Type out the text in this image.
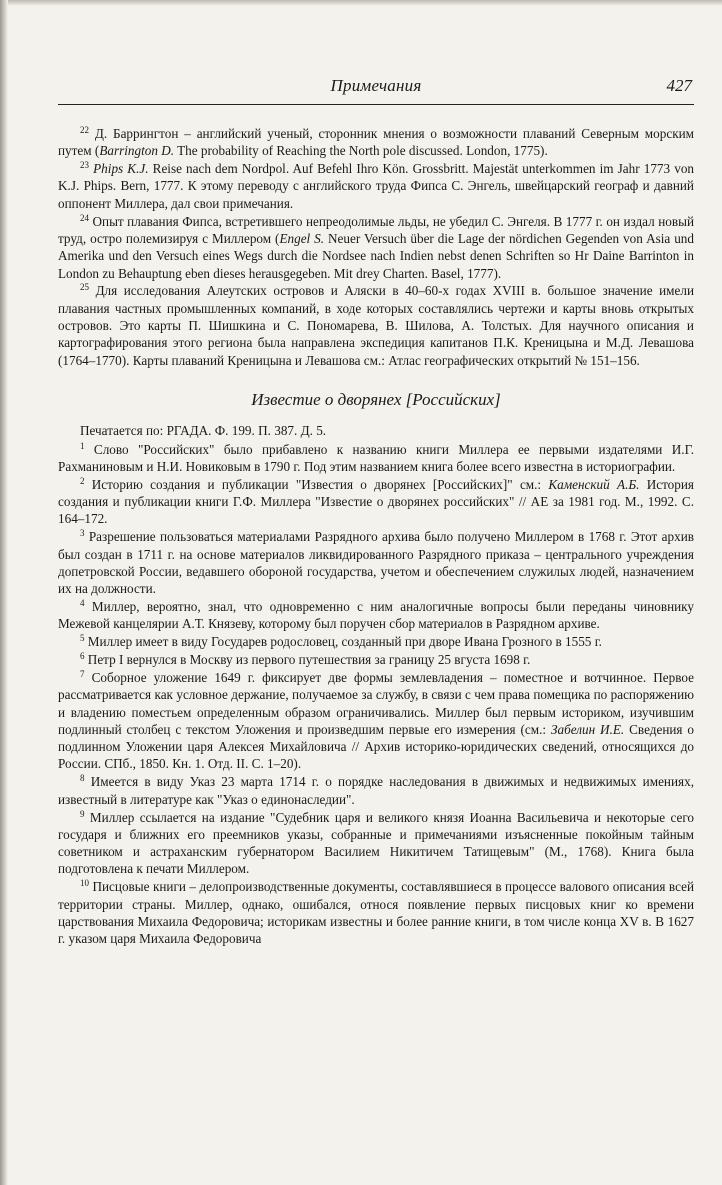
Примечания	427

$^{22}$ Д. Баррингтон – английский ученый, сторонник мнения о возможности плаваний Северным морским путем (Barrington D. The probability of Reaching the North pole discussed. London, 1775).

$^{23}$ Phips K.J. Reise nach dem Nordpol. Auf Befehl Ihro Kön. Grossbritt. Majestät unterkommen im Jahr 1773 von K.J. Phips. Bern, 1777. К этому переводу с английского труда Фипса С. Энгель, швейцарский географ и давний оппонент Миллера, дал свои примечания.

$^{24}$ Опыт плавания Фипса, встретившего непреодолимые льды, не убедил С. Энгеля. В 1777 г. он издал новый труд, остро полемизируя с Миллером (Engel S. Neuer Versuch über die Lage der nördichen Gegenden von Asia und Amerika und den Versuch eines Wegs durch die Nordsee nach Indien nebst denen Schriften so Hr Daine Barrinton in London zu Behauptung eben dieses herausgegeben. Mit drey Charten. Basel, 1777).

$^{25}$ Для исследования Алеутских островов и Аляски в 40–60-х годах XVIII в. большое значение имели плавания частных промышленных компаний, в ходе которых составлялись чертежи и карты вновь открытых островов. Это карты П. Шишкина и С. Пономарева, В. Шилова, А. Толстых. Для научного описания и картографирования этого региона была направлена экспедиция капитанов П.К. Креницына и М.Д. Левашова (1764–1770). Карты плаваний Креницына и Левашова см.: Атлас географических открытий № 151–156.

Известие о дворянех [Российских]

Печатается по: РГАДА. Ф. 199. П. 387. Д. 5.

$^1$ Слово "Российских" было прибавлено к названию книги Миллера ее первыми издателями И.Г. Рахманиновым и Н.И. Новиковым в 1790 г. Под этим названием книга более всего известна в историографии.

$^2$ Историю создания и публикации "Известия о дворянех [Российских]" см.: Каменский А.Б. История создания и публикации книги Г.Ф. Миллера "Известие о дворянех российских" // АЕ за 1981 год. М., 1992. С. 164–172.

$^3$ Разрешение пользоваться материалами Разрядного архива было получено Миллером в 1768 г. Этот архив был создан в 1711 г. на основе материалов ликвидированного Разрядного приказа – центрального учреждения допетровской России, ведавшего обороной государства, учетом и обеспечением служилых людей, назначением их на должности.

$^4$ Миллер, вероятно, знал, что одновременно с ним аналогичные вопросы были переданы чиновнику Межевой канцелярии А.Т. Князеву, которому был поручен сбор материалов в Разрядном архиве.

$^5$ Миллер имеет в виду Государев родословец, созданный при дворе Ивана Грозного в 1555 г.

$^6$ Петр I вернулся в Москву из первого путешествия за границу 25 вгуста 1698 г.

$^7$ Соборное уложение 1649 г. фиксирует две формы землевладения – поместное и вотчинное. Первое рассматривается как условное держание, получаемое за службу, в связи с чем права помещика по распоряжению и владению поместьем определенным образом ограничивались. Миллер был первым историком, изучившим подлинный столбец с текстом Уложения и произведшим первые его измерения (см.: Забелин И.Е. Сведения о подлинном Уложении царя Алексея Михайловича // Архив историко-юридических сведений, относящихся до России. СПб., 1850. Кн. 1. Отд. II. С. 1–20).

$^8$ Имеется в виду Указ 23 марта 1714 г. о порядке наследования в движимых и недвижимых имениях, известный в литературе как "Указ о единонаследии".

$^9$ Миллер ссылается на издание "Судебник царя и великого князя Иоанна Васильевича и некоторые сего государя и ближних его преемников указы, собранные и примечаниями изъясненные покойным тайным советником и астраханским губернатором Василием Никитичем Татищевым" (М., 1768). Книга была подготовлена к печати Миллером.

$^{10}$ Писцовые книги – делопроизводственные документы, составлявшиеся в процессе валового описания всей территории страны. Миллер, однако, ошибался, относя появление первых писцовых книг ко времени царствования Михаила Федоровича; историкам известны и более ранние книги, в том числе конца XV в. В 1627 г. указом царя Михаила Федоровича
